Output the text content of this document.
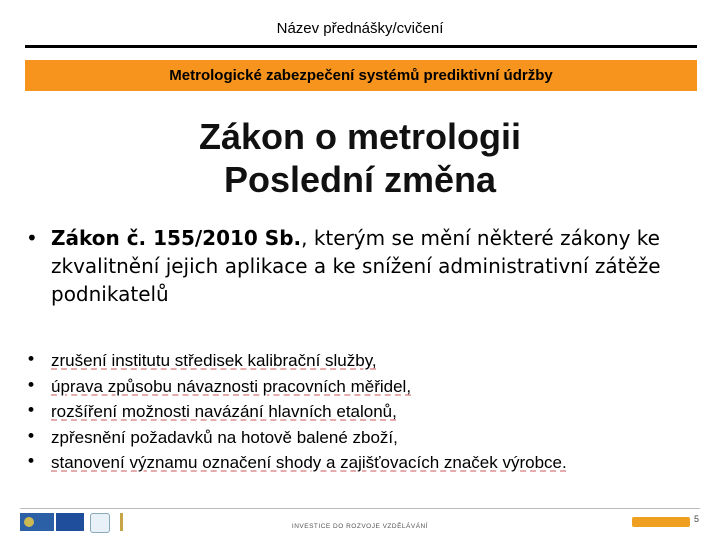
Název přednášky/cvičení
Metrologické zabezpečení systémů prediktivní údržby
Zákon o metrologii
Poslední změna
• Zákon č. 155/2010 Sb., kterým se mění některé zákony ke zkvalitnění jejich aplikace a ke snížení administrativní zátěže podnikatelů
• zrušení institutu středisek kalibrační služby,
• úprava způsobu návaznosti pracovních měřidel,
• rozšíření možnosti navázání hlavních etalonů,
• zpřesnění požadavků na hotově balené zboží,
• stanovení významu označení shody a zajišťovacích značek výrobce.
INVESTICE DO ROZVOJE VZDĚLÁVÁNÍ
5
